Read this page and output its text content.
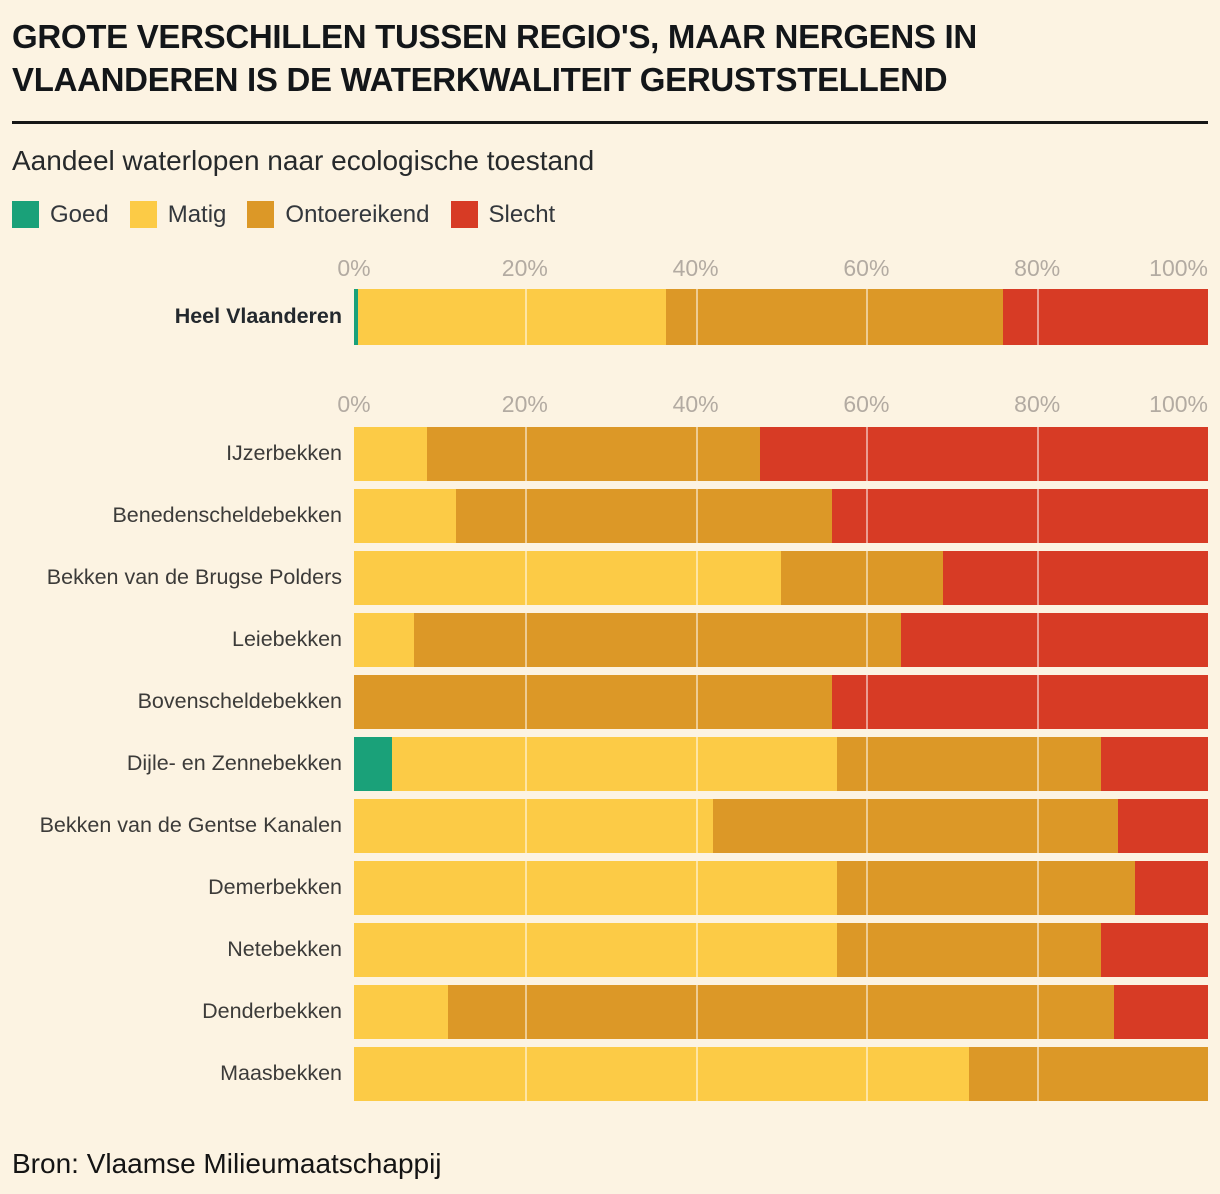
GROTE VERSCHILLEN TUSSEN REGIO'S, MAAR NERGENS IN
VLAANDEREN IS DE WATERKWALITEIT GERUSTSTELLEND
Aandeel waterlopen naar ecologische toestand
Goed Matig Ontoereikend Slecht
0%	20%	40%	60%	80%	100%
Heel Vlaanderen
0%	20%	40%	60%	80%	100%
IJzerbekken
Benedenscheldebekken
Bekken van de Brugse Polders
Leiebekken
Bovenscheldebekken
Dijle- en Zennebekken
Bekken van de Gentse Kanalen
Demerbekken
Netebekken
Denderbekken
Maasbekken
Bron: Vlaamse Milieumaatschappij
